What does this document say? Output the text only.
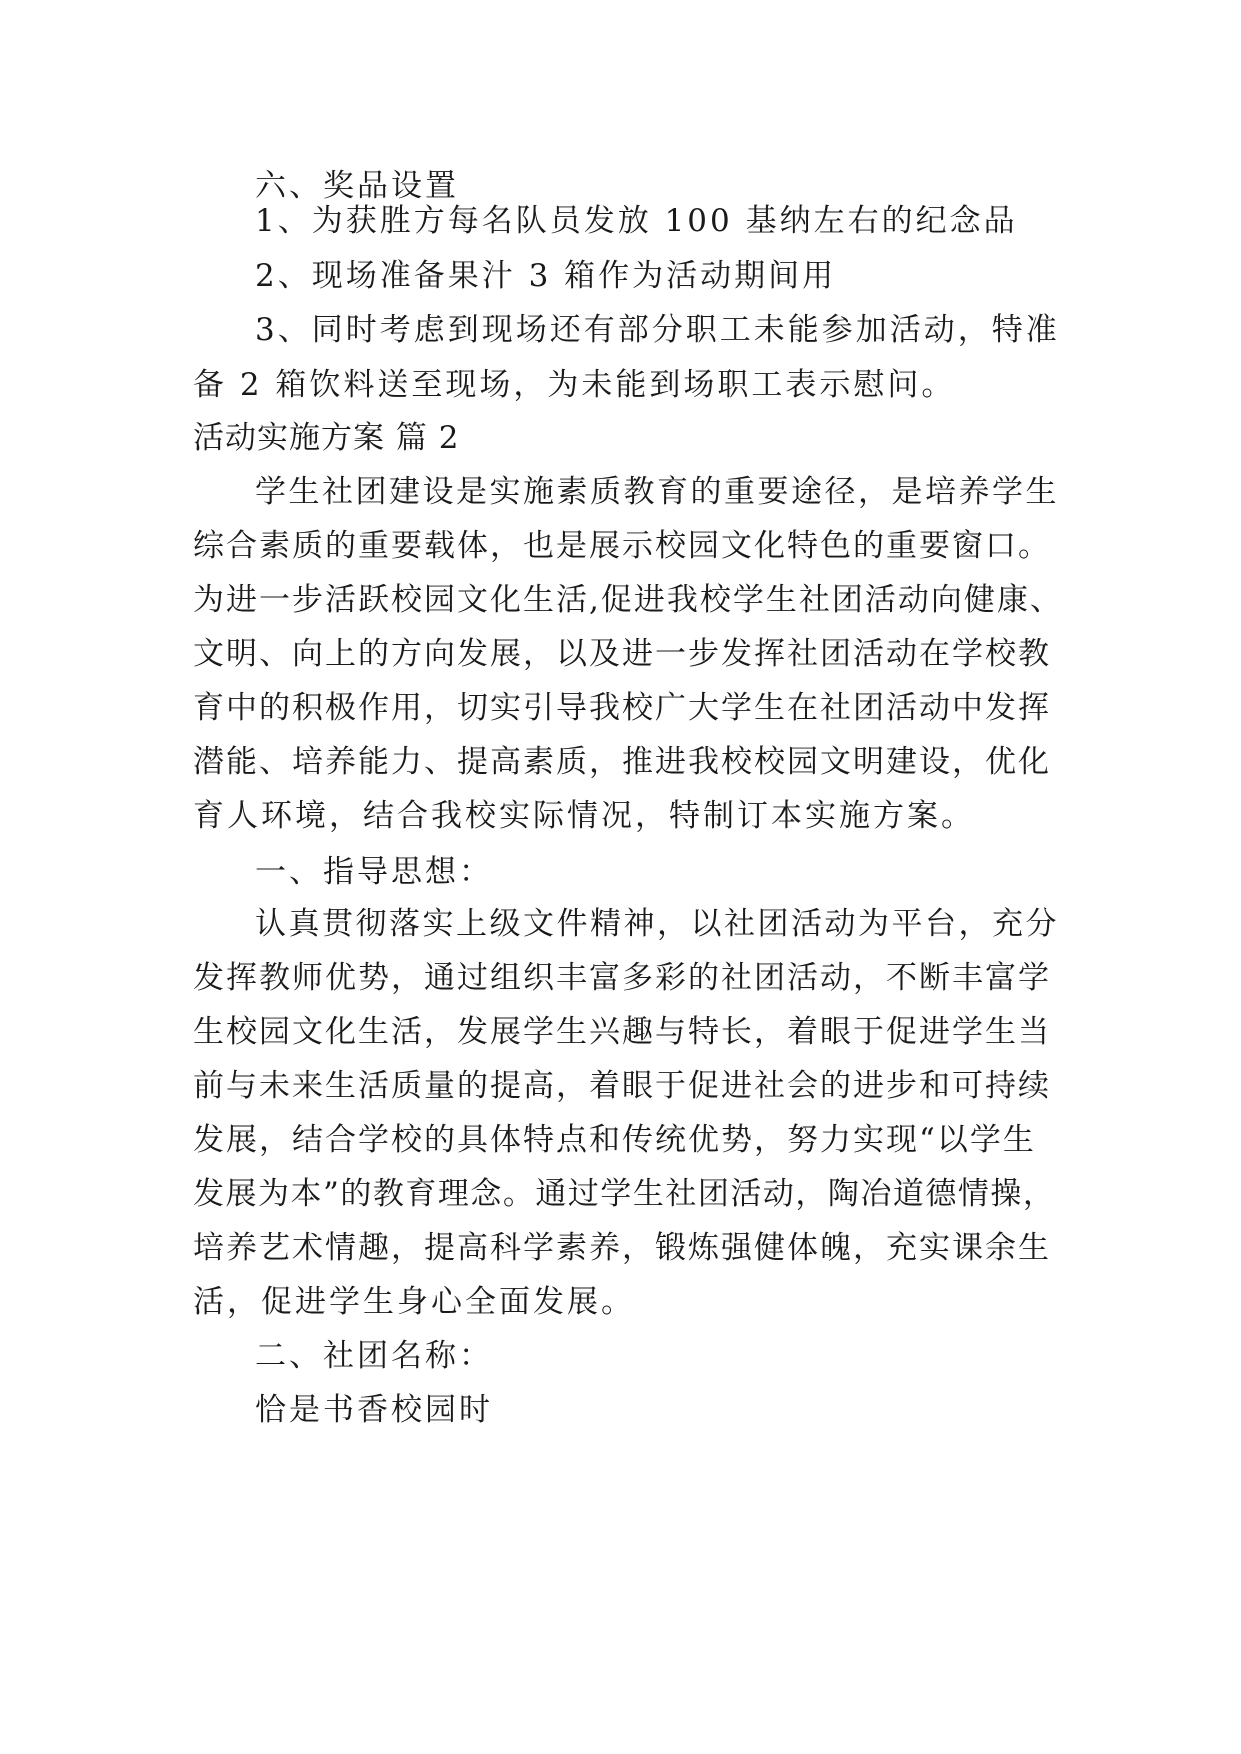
六、奖品设置
1、为获胜方每名队员发放 100 基纳左右的纪念品
2、现场准备果汁 3 箱作为活动期间用
3、同时考虑到现场还有部分职工未能参加活动，特准
备 2 箱饮料送至现场，为未能到场职工表示慰问。
活动实施方案 篇 2
学生社团建设是实施素质教育的重要途径，是培养学生
综合素质的重要载体，也是展示校园文化特色的重要窗口。
为进一步活跃校园文化生活,促进我校学生社团活动向健康、
文明、向上的方向发展，以及进一步发挥社团活动在学校教
育中的积极作用，切实引导我校广大学生在社团活动中发挥
潜能、培养能力、提高素质，推进我校校园文明建设，优化
育人环境，结合我校实际情况，特制订本实施方案。
一、指导思想：
认真贯彻落实上级文件精神，以社团活动为平台，充分
发挥教师优势，通过组织丰富多彩的社团活动，不断丰富学
生校园文化生活，发展学生兴趣与特长，着眼于促进学生当
前与未来生活质量的提高，着眼于促进社会的进步和可持续
发展，结合学校的具体特点和传统优势，努力实现“以学生
发展为本”的教育理念。通过学生社团活动，陶冶道德情操，
培养艺术情趣，提高科学素养，锻炼强健体魄，充实课余生
活，促进学生身心全面发展。
二、社团名称：
恰是书香校园时
